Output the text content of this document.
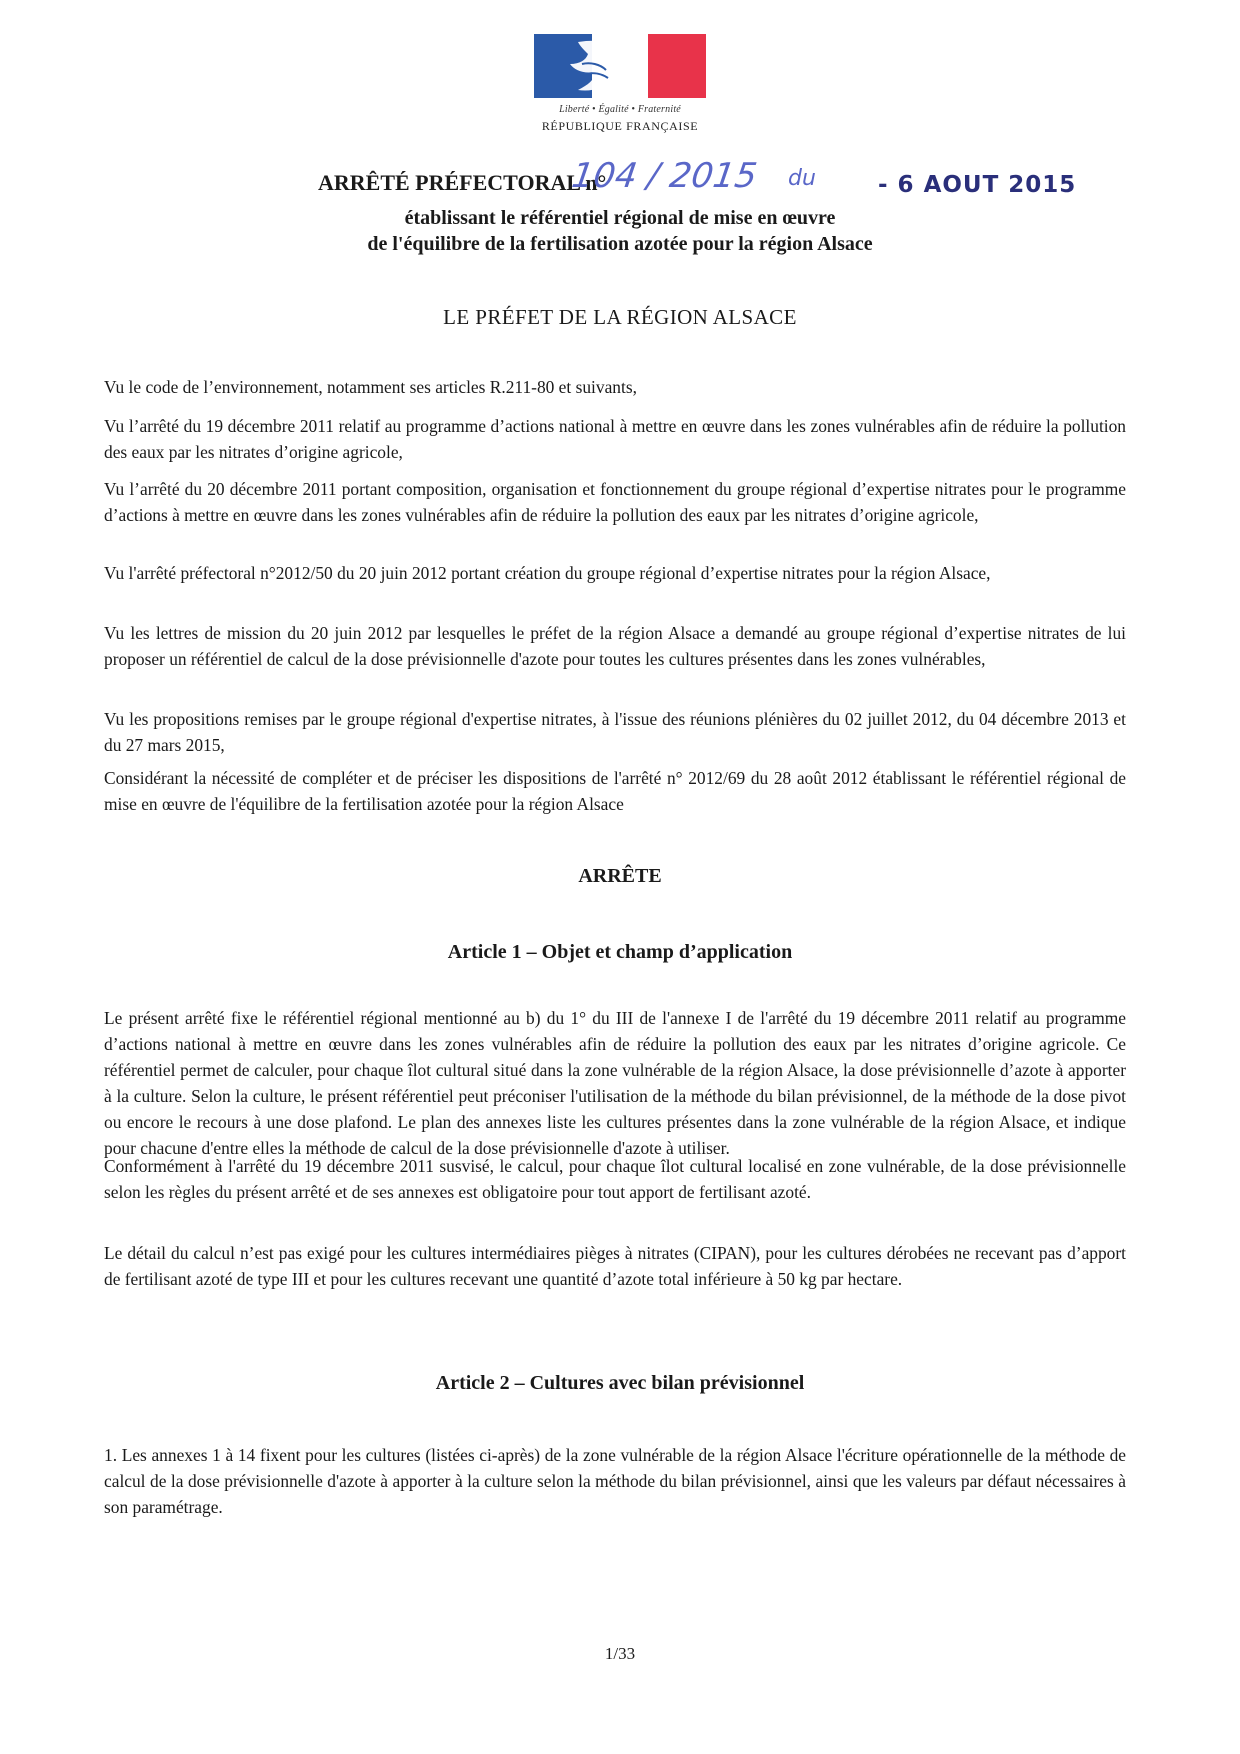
Liberté • Égalité • Fraternité
RÉPUBLIQUE FRANÇAISE
ARRÊTÉ PRÉFECTORAL n°
104 / 2015 du	- 6 AOUT 2015
établissant le référentiel régional de mise en œuvre
de l'équilibre de la fertilisation azotée pour la région Alsace
LE PRÉFET DE LA RÉGION ALSACE

Vu le code de l’environnement, notamment ses articles R.211-80 et suivants,

Vu l’arrêté du 19 décembre 2011 relatif au programme d’actions national à mettre en œuvre dans les zones vulnérables afin de réduire la pollution des eaux par les nitrates d’origine agricole,

Vu l’arrêté du 20 décembre 2011 portant composition, organisation et fonctionnement du groupe régional d’expertise nitrates pour le programme d’actions à mettre en œuvre dans les zones vulnérables afin de réduire la pollution des eaux par les nitrates d’origine agricole,

Vu l'arrêté préfectoral n°2012/50 du 20 juin 2012 portant création du groupe régional d’expertise nitrates pour la région Alsace,

Vu les lettres de mission du 20 juin 2012 par lesquelles le préfet de la région Alsace a demandé au groupe régional d’expertise nitrates de lui proposer un référentiel de calcul de la dose prévisionnelle d'azote pour toutes les cultures présentes dans les zones vulnérables,

Vu les propositions remises par le groupe régional d'expertise nitrates, à l'issue des réunions plénières du 02 juillet 2012, du 04 décembre 2013 et du 27 mars 2015,

Considérant la nécessité de compléter et de préciser les dispositions de l'arrêté n° 2012/69 du 28 août 2012 établissant le référentiel régional de mise en œuvre de l'équilibre de la fertilisation azotée pour la région Alsace

ARRÊTE
Article 1 – Objet et champ d’application

Le présent arrêté fixe le référentiel régional mentionné au b) du 1° du III de l'annexe I de l'arrêté du 19 décembre 2011 relatif au programme d’actions national à mettre en œuvre dans les zones vulnérables afin de réduire la pollution des eaux par les nitrates d’origine agricole. Ce référentiel permet de calculer, pour chaque îlot cultural situé dans la zone vulnérable de la région Alsace, la dose prévisionnelle d’azote à apporter à la culture. Selon la culture, le présent référentiel peut préconiser l'utilisation de la méthode du bilan prévisionnel, de la méthode de la dose pivot ou encore le recours à une dose plafond. Le plan des annexes liste les cultures présentes dans la zone vulnérable de la région Alsace, et indique pour chacune d'entre elles la méthode de calcul de la dose prévisionnelle d'azote à utiliser.

Conformément à l'arrêté du 19 décembre 2011 susvisé, le calcul, pour chaque îlot cultural localisé en zone vulnérable, de la dose prévisionnelle selon les règles du présent arrêté et de ses annexes est obligatoire pour tout apport de fertilisant azoté.

Le détail du calcul n’est pas exigé pour les cultures intermédiaires pièges à nitrates (CIPAN), pour les cultures dérobées ne recevant pas d’apport de fertilisant azoté de type III et pour les cultures recevant une quantité d’azote total inférieure à 50 kg par hectare.

Article 2 – Cultures avec bilan prévisionnel

1. Les annexes 1 à 14 fixent pour les cultures (listées ci-après) de la zone vulnérable de la région Alsace l'écriture opérationnelle de la méthode de calcul de la dose prévisionnelle d'azote à apporter à la culture selon la méthode du bilan prévisionnel, ainsi que les valeurs par défaut nécessaires à son paramétrage.

1/33
